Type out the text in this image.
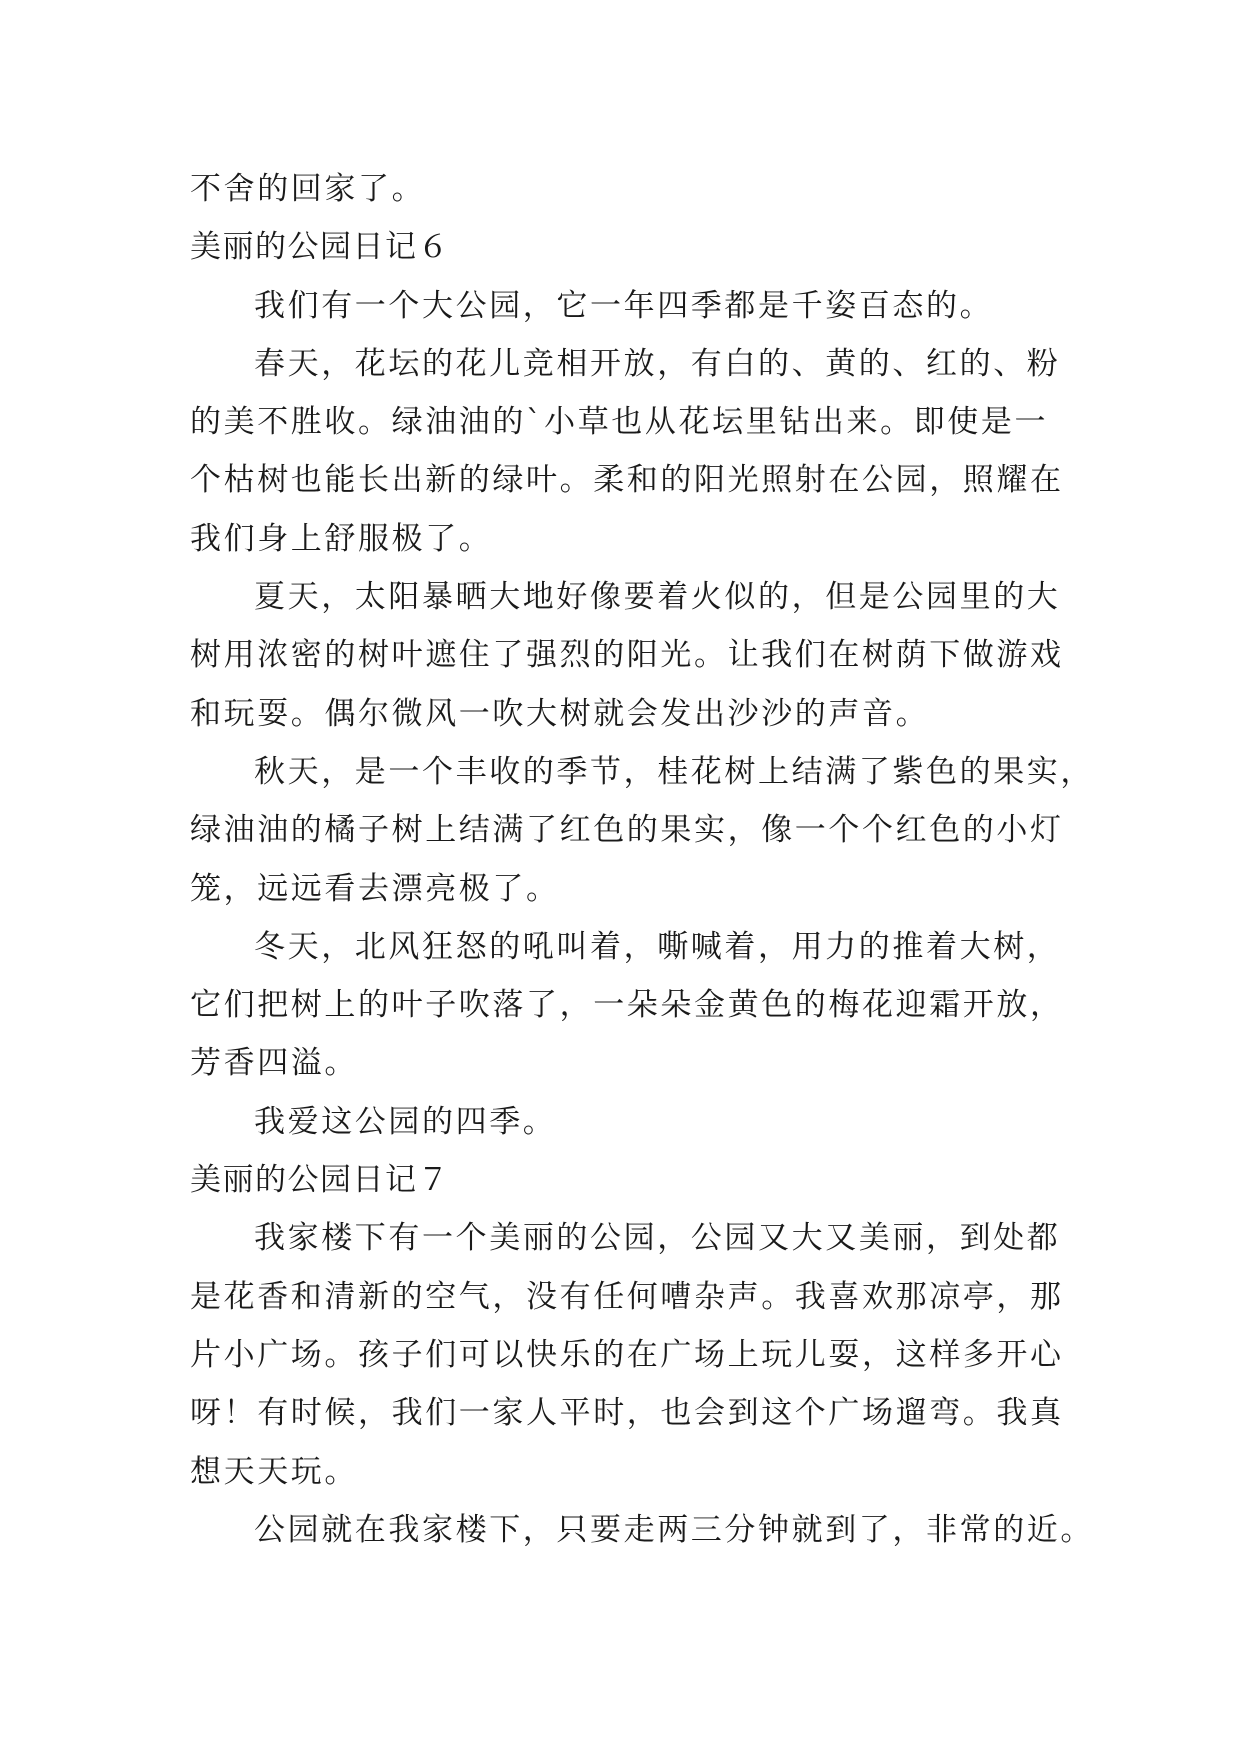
不舍的回家了。

美丽的公园日记６

我们有一个大公园，它一年四季都是千姿百态的。

春天，花坛的花儿竞相开放，有白的、黄的、红的、粉

的美不胜收。绿油油的`小草也从花坛里钻出来。即使是一

个枯树也能长出新的绿叶。柔和的阳光照射在公园，照耀在

我们身上舒服极了。

夏天，太阳暴晒大地好像要着火似的，但是公园里的大

树用浓密的树叶遮住了强烈的阳光。让我们在树荫下做游戏

和玩耍。偶尔微风一吹大树就会发出沙沙的声音。

秋天，是一个丰收的季节，桂花树上结满了紫色的果实，

绿油油的橘子树上结满了红色的果实，像一个个红色的小灯

笼，远远看去漂亮极了。

冬天，北风狂怒的吼叫着，嘶喊着，用力的推着大树，

它们把树上的叶子吹落了，一朵朵金黄色的梅花迎霜开放，

芳香四溢。

我爱这公园的四季。

美丽的公园日记７

我家楼下有一个美丽的公园，公园又大又美丽，到处都

是花香和清新的空气，没有任何嘈杂声。我喜欢那凉亭，那

片小广场。孩子们可以快乐的在广场上玩儿耍，这样多开心

呀！有时候，我们一家人平时，也会到这个广场遛弯。我真

想天天玩。

公园就在我家楼下，只要走两三分钟就到了，非常的近。
